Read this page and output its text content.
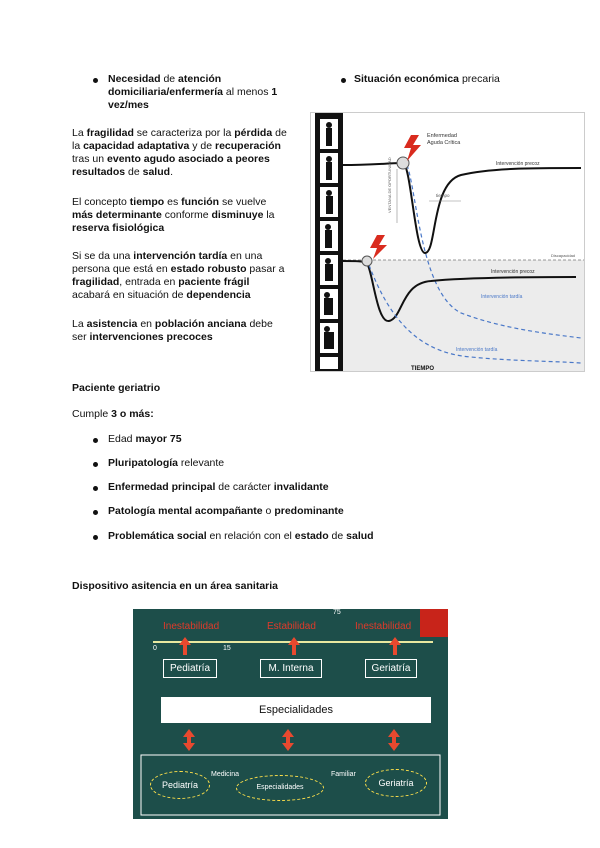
Necesidad de atención domiciliaria/enfermería al menos 1 vez/mes
Situación económica precaria
La fragilidad se caracteriza por la pérdida de la capacidad adaptativa y de recuperación tras un evento agudo asociado a peores resultados de salud.
El concepto tiempo es función se vuelve más determinante conforme disminuye la reserva fisiológica
Si se da una intervención tardía en una persona que está en estado robusto pasar a fragilidad, entrada en paciente frágil acabará en situación de dependencia
La asistencia en población anciana debe ser intervenciones precoces
Enfermedad
Aguda Crítica
Intervención precoz
Intervención precoz
Intervención tardía
Intervención tardía
tiempo
VENTANA DE OPORTUNIDAD
Discapacidad
TIEMPO
Paciente geriatrio
Cumple 3 o más:
Edad mayor 75
Pluripatología relevante
Enfermedad principal de carácter invalidante
Patología mental acompañante o predominante
Problemática social en relación con el estado de salud
Dispositivo asitencia en un área sanitaria
Inestabilidad	Estabilidad	Inestabilidad
75
0	15
Pediatría	M. Interna	Geriatría
Especialidades
Pediatría	Especialidades	Geriatría
Medicina	Familiar
